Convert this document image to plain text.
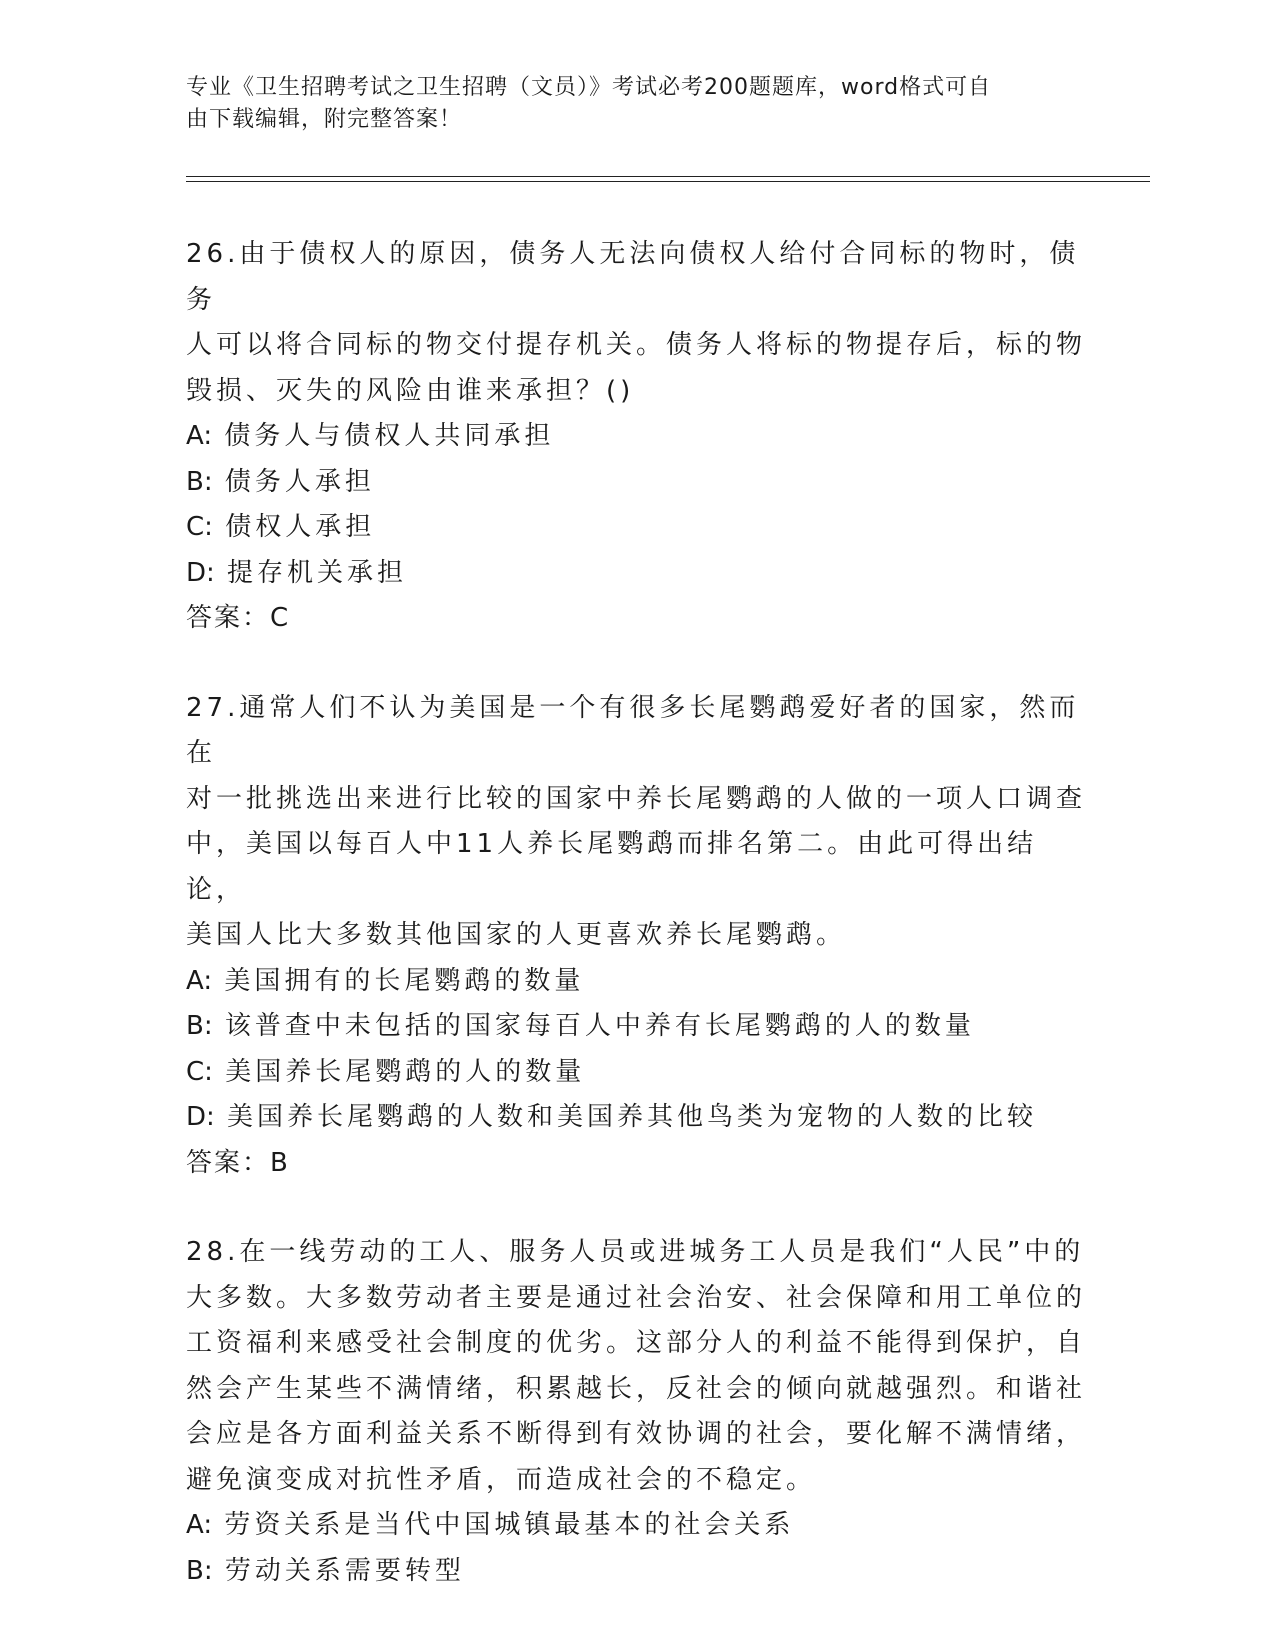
专业《卫生招聘考试之卫生招聘（文员）》考试必考200题题库，word格式可自
由下载编辑，附完整答案！
26.由于债权人的原因，债务人无法向债权人给付合同标的物时，债务
人可以将合同标的物交付提存机关。债务人将标的物提存后，标的物
毁损、灭失的风险由谁来承担？()
A: 债务人与债权人共同承担
B: 债务人承担
C: 债权人承担
D: 提存机关承担
答案：C
27.通常人们不认为美国是一个有很多长尾鹦鹉爱好者的国家，然而在
对一批挑选出来进行比较的国家中养长尾鹦鹉的人做的一项人口调查
中，美国以每百人中11人养长尾鹦鹉而排名第二。由此可得出结论，
美国人比大多数其他国家的人更喜欢养长尾鹦鹉。
A: 美国拥有的长尾鹦鹉的数量
B: 该普查中未包括的国家每百人中养有长尾鹦鹉的人的数量
C: 美国养长尾鹦鹉的人的数量
D: 美国养长尾鹦鹉的人数和美国养其他鸟类为宠物的人数的比较
答案：B
28.在一线劳动的工人、服务人员或进城务工人员是我们“人民”中的
大多数。大多数劳动者主要是通过社会治安、社会保障和用工单位的
工资福利来感受社会制度的优劣。这部分人的利益不能得到保护，自
然会产生某些不满情绪，积累越长，反社会的倾向就越强烈。和谐社
会应是各方面利益关系不断得到有效协调的社会，要化解不满情绪，
避免演变成对抗性矛盾，而造成社会的不稳定。
A: 劳资关系是当代中国城镇最基本的社会关系
B: 劳动关系需要转型
